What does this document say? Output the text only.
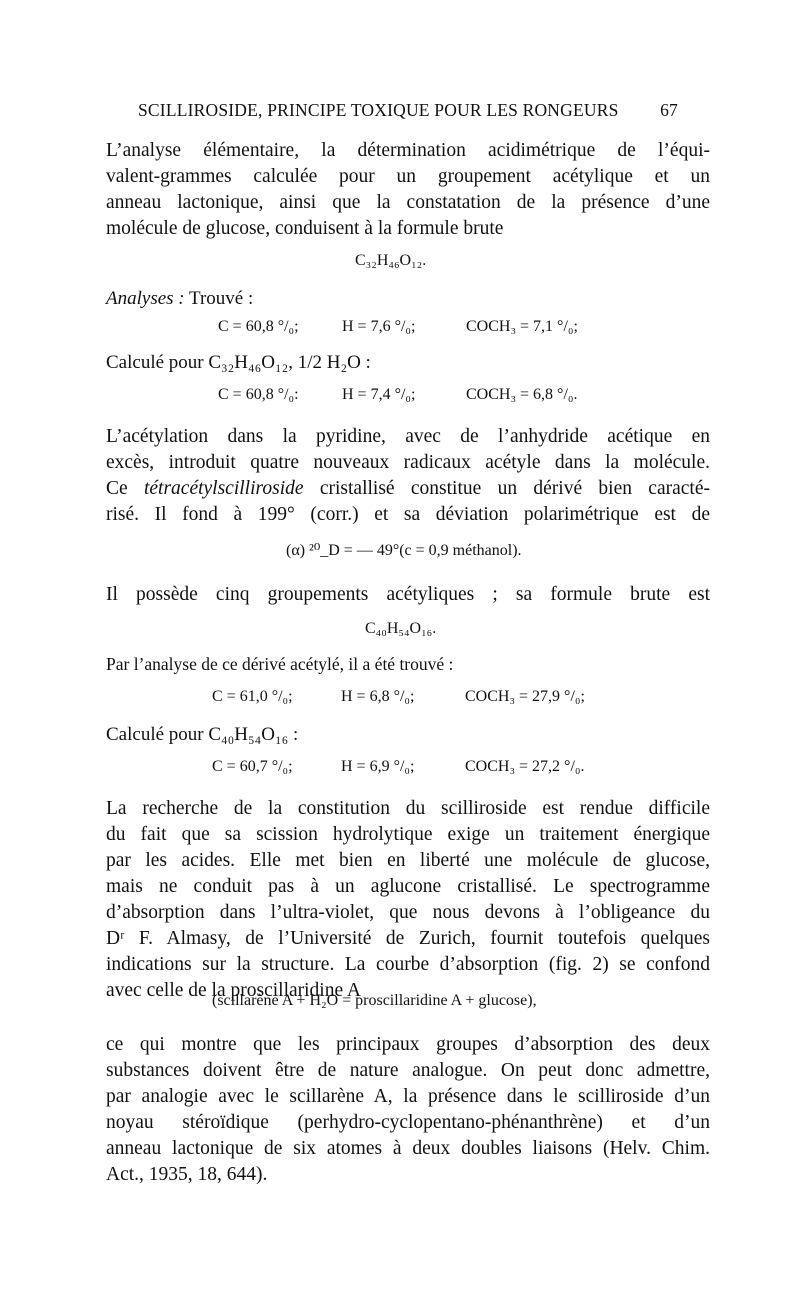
SCILLIROSIDE, PRINCIPE TOXIQUE POUR LES RONGEURS 67
L’analyse élémentaire, la détermination acidimétrique de l’équi-
valent-grammes calculée pour un groupement acétylique et un
anneau lactonique, ainsi que la constatation de la présence d’une
molécule de glucose, conduisent à la formule brute
C₃₂H₄₆O₁₂.
Analyses : Trouvé :
C = 60,8 °/₀;	H = 7,6 °/₀;	COCH₃ = 7,1 °/₀;
Calculé pour C₃₂H₄₆O₁₂, 1/2 H₂O :
C = 60,8 °/₀:	H = 7,4 °/₀;	COCH₃ = 6,8 °/₀.
L’acétylation dans la pyridine, avec de l’anhydride acétique en
excès, introduit quatre nouveaux radicaux acétyle dans la molécule.
Ce tétracétylscilliroside cristallisé constitue un dérivé bien caracté-
risé. Il fond à 199° (corr.) et sa déviation polarimétrique est de
(α) ²⁰_D = — 49°(c = 0,9 méthanol).
Il possède cinq groupements acétyliques ; sa formule brute est
C₄₀H₅₄O₁₆.
Par l’analyse de ce dérivé acétylé, il a été trouvé :
C = 61,0 °/₀;	H = 6,8 °/₀;	COCH₃ = 27,9 °/₀;
Calculé pour C₄₀H₅₄O₁₆ :
C = 60,7 °/₀;	H = 6,9 °/₀;	COCH₃ = 27,2 °/₀.
La recherche de la constitution du scilliroside est rendue difficile
du fait que sa scission hydrolytique exige un traitement énergique
par les acides. Elle met bien en liberté une molécule de glucose,
mais ne conduit pas à un aglucone cristallisé. Le spectrogramme
d’absorption dans l’ultra-violet, que nous devons à l’obligeance du
Dʳ F. Almasy, de l’Université de Zurich, fournit toutefois quelques
indications sur la structure. La courbe d’absorption (fig. 2) se confond
avec celle de la proscillaridine A
(scillarène A + H₂O = proscillaridine A + glucose),
ce qui montre que les principaux groupes d’absorption des deux
substances doivent être de nature analogue. On peut donc admettre,
par analogie avec le scillarène A, la présence dans le scilliroside d’un
noyau stéroïdique (perhydro-cyclopentano-phénanthrène) et d’un
anneau lactonique de six atomes à deux doubles liaisons (Helv. Chim.
Act., 1935, 18, 644).
